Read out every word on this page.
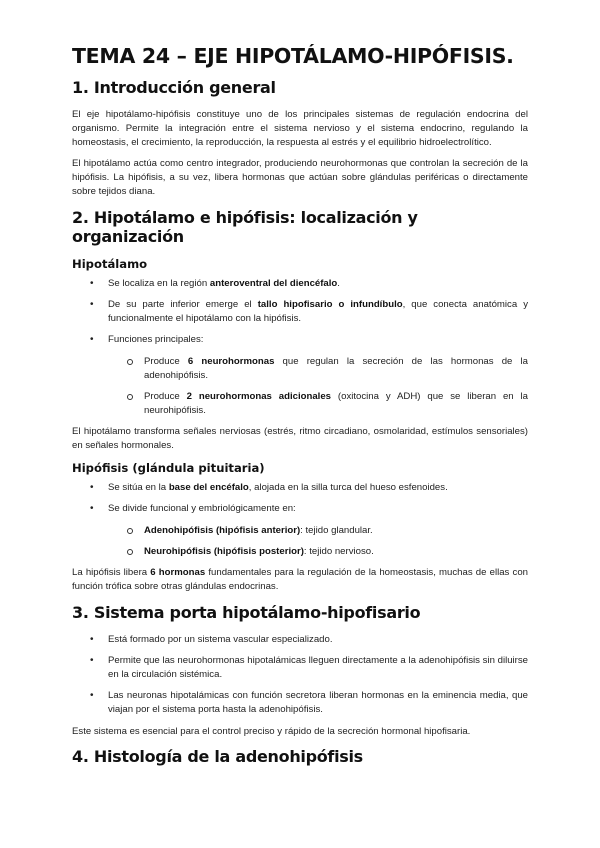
TEMA 24 – EJE HIPOTÁLAMO-HIPÓFISIS.
1. Introducción general

El eje hipotálamo-hipófisis constituye uno de los principales sistemas de regulación endocrina del organismo. Permite la integración entre el sistema nervioso y el sistema endocrino, regulando la homeostasis, el crecimiento, la reproducción, la respuesta al estrés y el equilibrio hidroelectrolítico.

El hipotálamo actúa como centro integrador, produciendo neurohormonas que controlan la secreción de la hipófisis. La hipófisis, a su vez, libera hormonas que actúan sobre glándulas periféricas o directamente sobre tejidos diana.

2. Hipotálamo e hipófisis: localización y organización
Hipotálamo
• Se localiza en la región anteroventral del diencéfalo.
• De su parte inferior emerge el tallo hipofisario o infundíbulo, que conecta anatómica y funcionalmente el hipotálamo con la hipófisis.
• Funciones principales:
Produce 6 neurohormonas que regulan la secreción de las hormonas de la adenohipófisis.
Produce 2 neurohormonas adicionales (oxitocina y ADH) que se liberan en la neurohipófisis.

El hipotálamo transforma señales nerviosas (estrés, ritmo circadiano, osmolaridad, estímulos sensoriales) en señales hormonales.

Hipófisis (glándula pituitaria)
• Se sitúa en la base del encéfalo, alojada en la silla turca del hueso esfenoides.
• Se divide funcional y embriológicamente en:
Adenohipófisis (hipófisis anterior): tejido glandular.
Neurohipófisis (hipófisis posterior): tejido nervioso.

La hipófisis libera 6 hormonas fundamentales para la regulación de la homeostasis, muchas de ellas con función trófica sobre otras glándulas endocrinas.

3. Sistema porta hipotálamo-hipofisario
• Está formado por un sistema vascular especializado.
• Permite que las neurohormonas hipotalámicas lleguen directamente a la adenohipófisis sin diluirse en la circulación sistémica.
• Las neuronas hipotalámicas con función secretora liberan hormonas en la eminencia media, que viajan por el sistema porta hasta la adenohipófisis.

Este sistema es esencial para el control preciso y rápido de la secreción hormonal hipofisaria.

4. Histología de la adenohipófisis
